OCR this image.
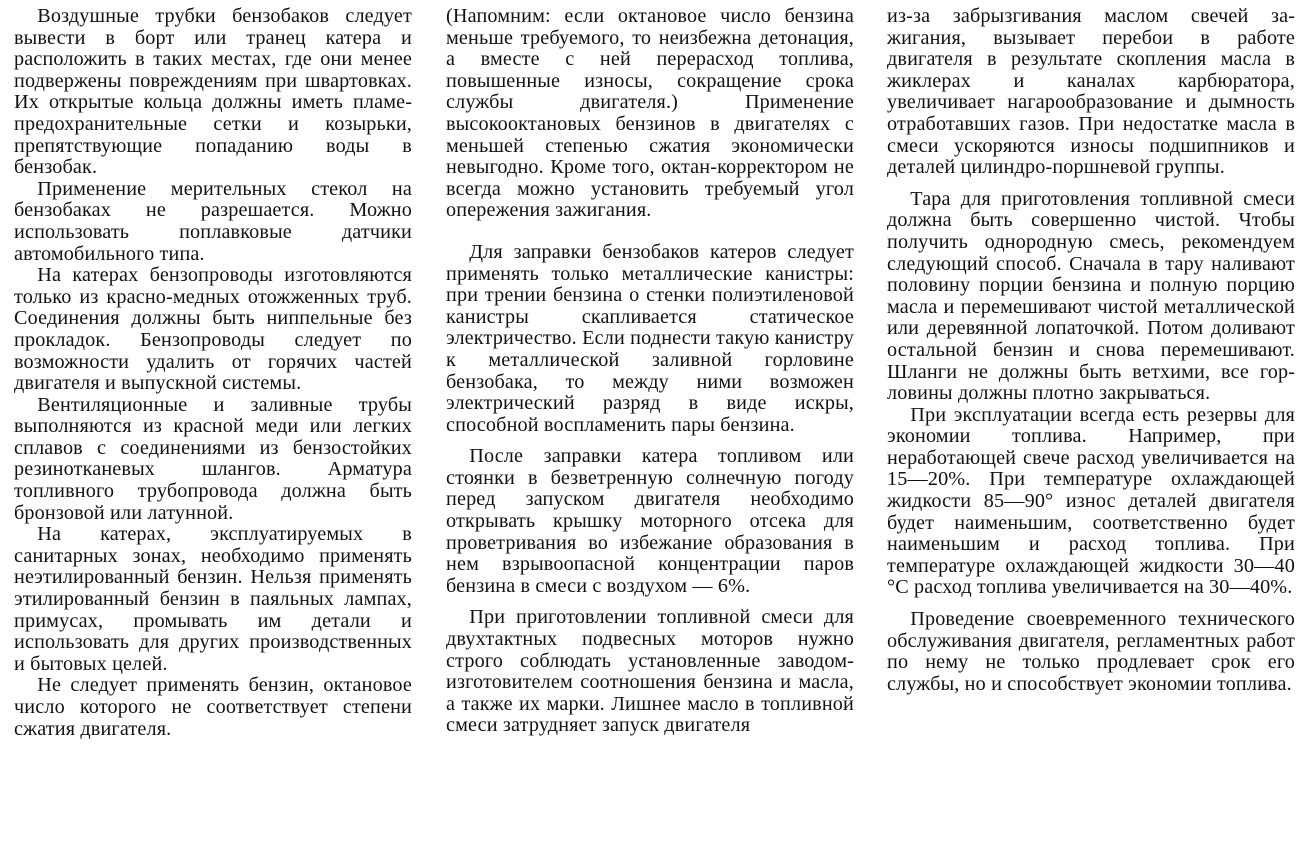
Воздушные трубки бензобаков следует вывести в борт или транец катера и расположить в таких местах, где они менее подвержены повреждениям при швартовках. Их открытые кольца должны иметь пламепредохранительные сетки и козырьки, препятствующие попаданию воды в бензобак.

Применение мерительных стекол на бензобаках не разрешается. Можно использовать поплавковые датчики автомобильного типа.

На катерах бензопроводы изготовляются только из красно-медных отожженных труб. Соединения должны быть ниппельные без прокладок. Бензопроводы следует по возможности удалить от горячих частей двигателя и выпускной системы.

Вентиляционные и заливные трубы выполняются из красной меди или легких сплавов с соединениями из бензостойких резинотканевых шлангов. Арматура топливного трубопровода должна быть бронзовой или латунной.

На катерах, эксплуатируемых в санитарных зонах, необходимо применять неэтилированный бензин. Нельзя применять этилированный бензин в паяльных лампах, примусах, промывать им детали и использовать для других производственных и бытовых целей.

Не следует применять бензин, октановое число которого не соответствует степени сжатия двигателя.

(Напомним: если октановое число бензина меньше требуемого, то неизбежна детонация, а вместе с ней перерасход топлива, повышенные износы, сокращение срока службы двигателя.) Применение высокооктановых бензинов в двигателях с меньшей степенью сжатия экономически невыгодно. Кроме того, октан-корректором не всегда можно установить требуемый угол опережения зажигания.

Для заправки бензобаков катеров следует применять только металлические канистры: при трении бензина о стенки полиэтиленовой канистры скапливается статическое электричество. Если поднести такую канистру к металлической заливной горловине бензобака, то между ними возможен электрический разряд в виде искры, способной воспламенить пары бензина.

После заправки катера топливом или стоянки в безветренную солнечную погоду перед запуском двигателя необходимо открывать крышку моторного отсека для проветривания во избежание образования в нем взрывоопасной концентрации паров бензина в смеси с воздухом — 6%.

При приготовлении топливной смеси для двухтактных подвесных моторов нужно строго соблюдать установленные заводом-изготовителем соотношения бензина и масла, а также их марки. Лишнее масло в топливной смеси затрудняет запуск двигателя

из-за забрызгивания маслом свечей зажигания, вызывает перебои в работе двигателя в результате скопления масла в жиклерах и каналах карбюратора, увеличивает нагарообразование и дымность отработавших газов. При недостатке масла в смеси ускоряются износы подшипников и деталей цилиндро-поршневой группы.

Тара для приготовления топливной смеси должна быть совершенно чистой. Чтобы получить однородную смесь, рекомендуем следующий способ. Сначала в тару наливают половину порции бензина и полную порцию масла и перемешивают чистой металлической или деревянной лопаточкой. Потом доливают остальной бензин и снова перемешивают. Шланги не должны быть ветхими, все горловины должны плотно закрываться.

При эксплуатации всегда есть резервы для экономии топлива. Например, при неработающей свече расход увеличивается на 15—20%. При температуре охлаждающей жидкости 85—90° износ деталей двигателя будет наименьшим, соответственно будет наименьшим и расход топлива. При температуре охлаждающей жидкости 30—40 °С расход топлива увеличивается на 30—40%.

Проведение своевременного технического обслуживания двигателя, регламентных работ по нему не только продлевает срок его службы, но и способствует экономии топлива.
